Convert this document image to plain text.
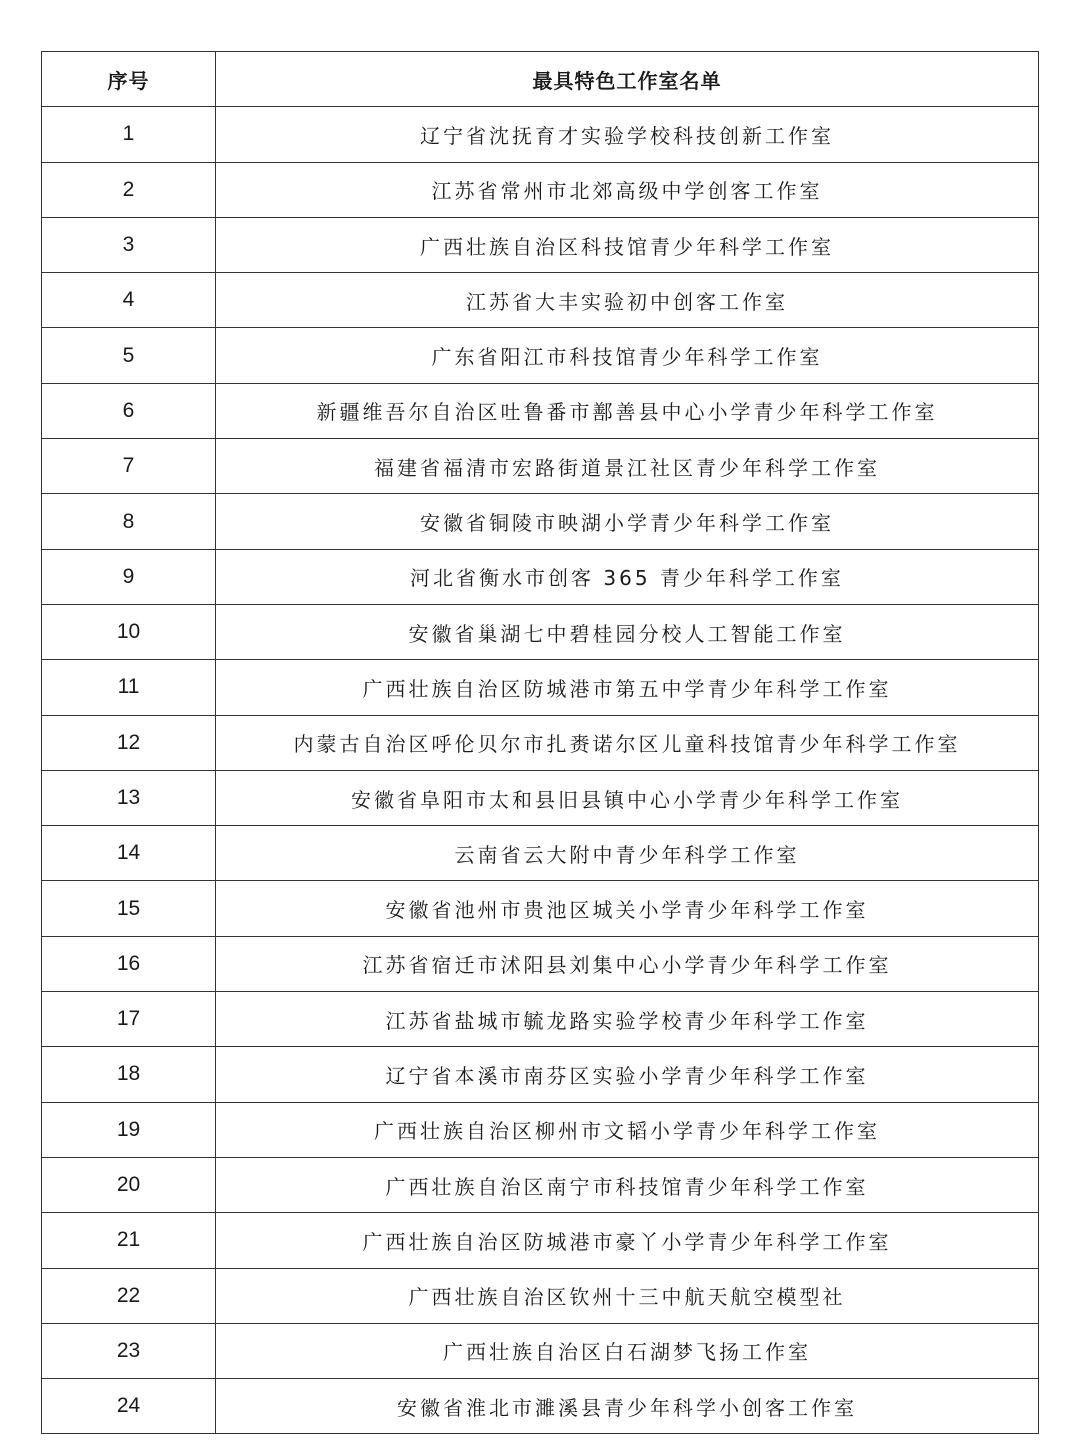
序号	最具特色工作室名单
1	辽宁省沈抚育才实验学校科技创新工作室
2	江苏省常州市北郊高级中学创客工作室
3	广西壮族自治区科技馆青少年科学工作室
4	江苏省大丰实验初中创客工作室
5	广东省阳江市科技馆青少年科学工作室
6	新疆维吾尔自治区吐鲁番市鄯善县中心小学青少年科学工作室
7	福建省福清市宏路街道景江社区青少年科学工作室
8	安徽省铜陵市映湖小学青少年科学工作室
9	河北省衡水市创客 365 青少年科学工作室
10	安徽省巢湖七中碧桂园分校人工智能工作室
11	广西壮族自治区防城港市第五中学青少年科学工作室
12	内蒙古自治区呼伦贝尔市扎赉诺尔区儿童科技馆青少年科学工作室
13	安徽省阜阳市太和县旧县镇中心小学青少年科学工作室
14	云南省云大附中青少年科学工作室
15	安徽省池州市贵池区城关小学青少年科学工作室
16	江苏省宿迁市沭阳县刘集中心小学青少年科学工作室
17	江苏省盐城市毓龙路实验学校青少年科学工作室
18	辽宁省本溪市南芬区实验小学青少年科学工作室
19	广西壮族自治区柳州市文韬小学青少年科学工作室
20	广西壮族自治区南宁市科技馆青少年科学工作室
21	广西壮族自治区防城港市豪丫小学青少年科学工作室
22	广西壮族自治区钦州十三中航天航空模型社
23	广西壮族自治区白石湖梦飞扬工作室
24	安徽省淮北市濉溪县青少年科学小创客工作室
